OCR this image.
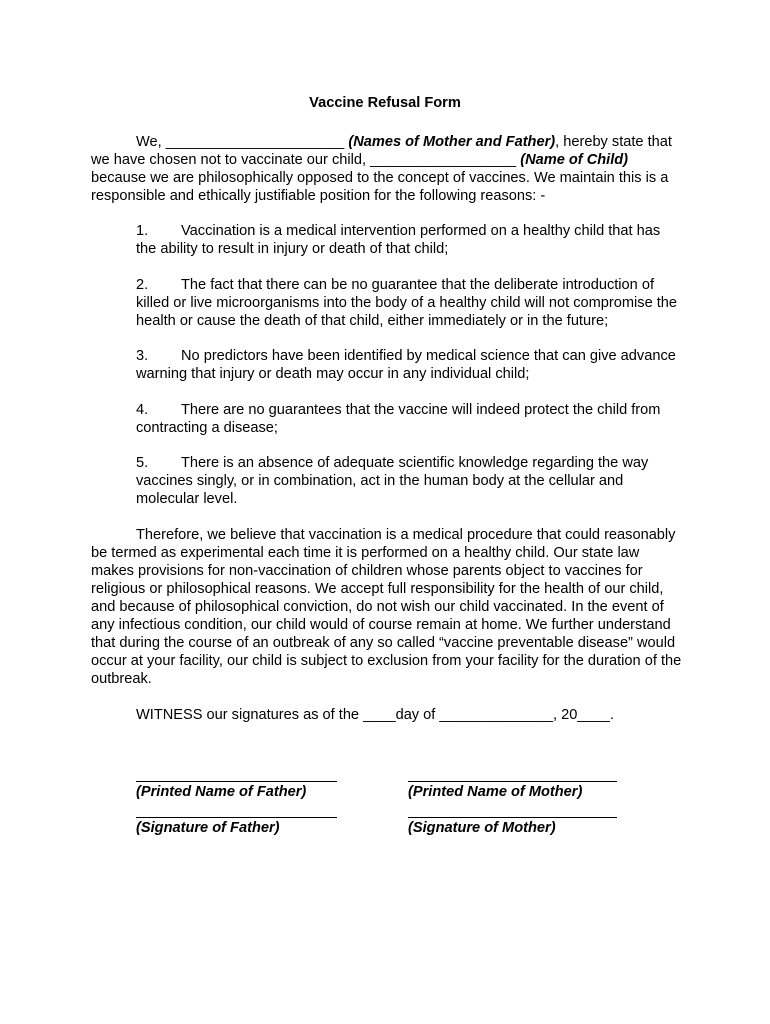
Vaccine Refusal Form
We, ______________________ (Names of Mother and Father), hereby state that we have chosen not to vaccinate our child, __________________ (Name of Child) because we are philosophically opposed to the concept of vaccines. We maintain this is a responsible and ethically justifiable position for the following reasons: -
1. Vaccination is a medical intervention performed on a healthy child that has the ability to result in injury or death of that child;
2. The fact that there can be no guarantee that the deliberate introduction of killed or live microorganisms into the body of a healthy child will not compromise the health or cause the death of that child, either immediately or in the future;
3. No predictors have been identified by medical science that can give advance warning that injury or death may occur in any individual child;
4. There are no guarantees that the vaccine will indeed protect the child from contracting a disease;
5. There is an absence of adequate scientific knowledge regarding the way vaccines singly, or in combination, act in the human body at the cellular and molecular level.
Therefore, we believe that vaccination is a medical procedure that could reasonably be termed as experimental each time it is performed on a healthy child. Our state law makes provisions for non-vaccination of children whose parents object to vaccines for religious or philosophical reasons. We accept full responsibility for the health of our child, and because of philosophical conviction, do not wish our child vaccinated. In the event of any infectious condition, our child would of course remain at home. We further understand that during the course of an outbreak of any so called “vaccine preventable disease” would occur at your facility, our child is subject to exclusion from your facility for the duration of the outbreak.
WITNESS our signatures as of the ____day of ______________, 20____.
(Printed Name of Father)	(Printed Name of Mother)
(Signature of Father)	(Signature of Mother)
